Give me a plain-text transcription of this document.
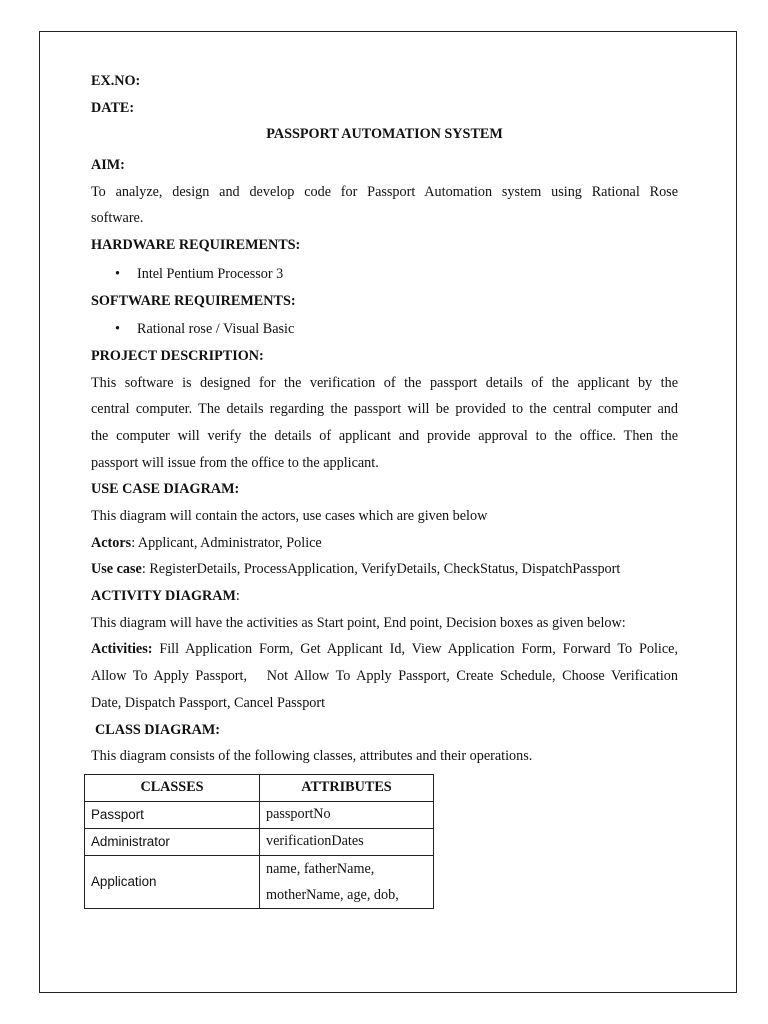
EX.NO:
DATE:
PASSPORT AUTOMATION SYSTEM
AIM:
To analyze, design and develop code for Passport Automation system using Rational Rose
software.
HARDWARE REQUIREMENTS:
• Intel Pentium Processor 3
SOFTWARE REQUIREMENTS:
• Rational rose / Visual Basic
PROJECT DESCRIPTION:
This software is designed for the verification of the passport details of the applicant by the
central computer. The details regarding the passport will be provided to the central computer and
the computer will verify the details of applicant and provide approval to the office. Then the
passport will issue from the office to the applicant.
USE CASE DIAGRAM:
This diagram will contain the actors, use cases which are given below
Actors: Applicant, Administrator, Police
Use case: RegisterDetails, ProcessApplication, VerifyDetails, CheckStatus, DispatchPassport
ACTIVITY DIAGRAM:
This diagram will have the activities as Start point, End point, Decision boxes as given below:
Activities: Fill Application Form, Get Applicant Id, View Application Form, Forward To Police,
Allow To Apply Passport,   Not Allow To Apply Passport, Create Schedule, Choose Verification
Date, Dispatch Passport, Cancel Passport
CLASS DIAGRAM:
This diagram consists of the following classes, attributes and their operations.
CLASSES	ATTRIBUTES
Passport	passportNo
Administrator	verificationDates
Application	name, fatherName,
motherName, age, dob,
